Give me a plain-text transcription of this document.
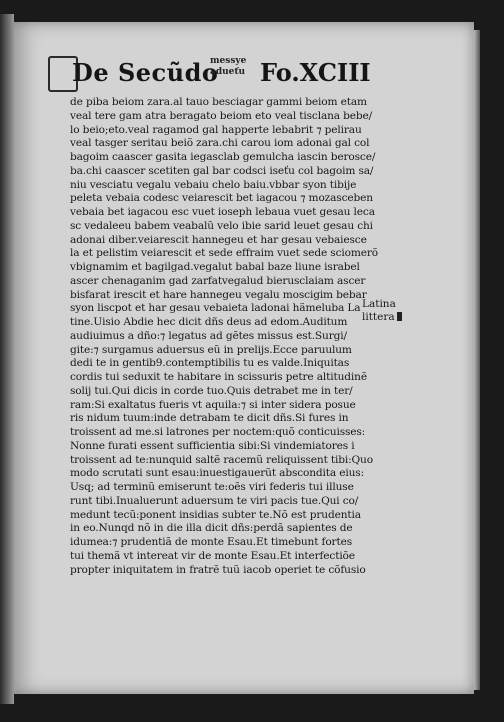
De Secũdo
messye
adueťu Fo.XCIII
de piba beiom zara.al tauo besciagar gammi beiom etam
veal tere gam atra beragato beiom eto veal tisclana bebe/
lo beio;eto.veal ragamod gal happerte lebabrit ⁊ pelirau
veal tasger seritau beiõ zara.chi carou iom adonai gal col
bagoim caascer gasita iegasclab gemulcha iascin berosce/
ba.chi caascer scetiten gal bar codsci iseťu col bagoim sa/
niu vesciatu vegalu vebaiu chelo baiu.vbbar syon tibije
peleta vebaia codesc veiarescit bet iagacou ⁊ mozasceben
vebaia bet iagacou esc vuet ioseph lebaua vuet gesau leca
sc vedaleeu babem veabalũ velo ibie sarid leuet gesau chi
adonai diber.veiarescit hannegeu et har gesau vebaiesce
la et pelistim veiarescit et sede effraim vuet sede sciomerõ
vbignamim et bagilgad.vegalut babal baze liune israbel
ascer chenaganim gad zarfatvegalud bierusclaiam ascer
bisfarat irescit et hare hannegeu vegalu moscigim bebar
syon liscpot et har gesau vebaieta ladonai hãmeluba La
tine.Uisio Abdie hec dicit dñs deus ad edom.Auditum
audiuimus a dño:⁊ legatus ad gẽtes missus est.Surgi/
gite:⁊ surgamus aduersus eũ in prelijs.Ecce paruulum
dedi te in gentib9.contemptibilis tu es valde.Iniquitas
cordis tui seduxit te habitare in scissuris petre altitudinẽ
solij tui.Qui dicis in corde tuo.Quis detrabet me in ter/
ram:Si exaltatus fueris vt aquila:⁊ si inter sidera posue
ris nidum tuum:inde detrabam te dicit dñs.Si fures in
troissent ad me.si latrones per noctem:quõ conticuisses:
Nonne furati essent sufficientia sibi:Si vindemiatores i
troissent ad te:nunquid saltẽ racemũ reliquissent tibi:Quo
modo scrutati sunt esau:inuestigauerũt abscondita eius:
Usq; ad terminũ emiserunt te:oẽs viri federis tui illuse
runt tibi.Inualuerunt aduersum te viri pacis tue.Qui co/
medunt tecũ:ponent insidias subter te.Nõ est prudentia
in eo.Nunqd nõ in die illa dicit dñs:perdã sapientes de
idumea:⁊ prudentiã de monte Esau.Et timebunt fortes
tui themã vt intereat vir de monte Esau.Et interfectiõe
propter iniquitatem in fratrẽ tuũ iacob operiet te cõfusio
Latina
littera
